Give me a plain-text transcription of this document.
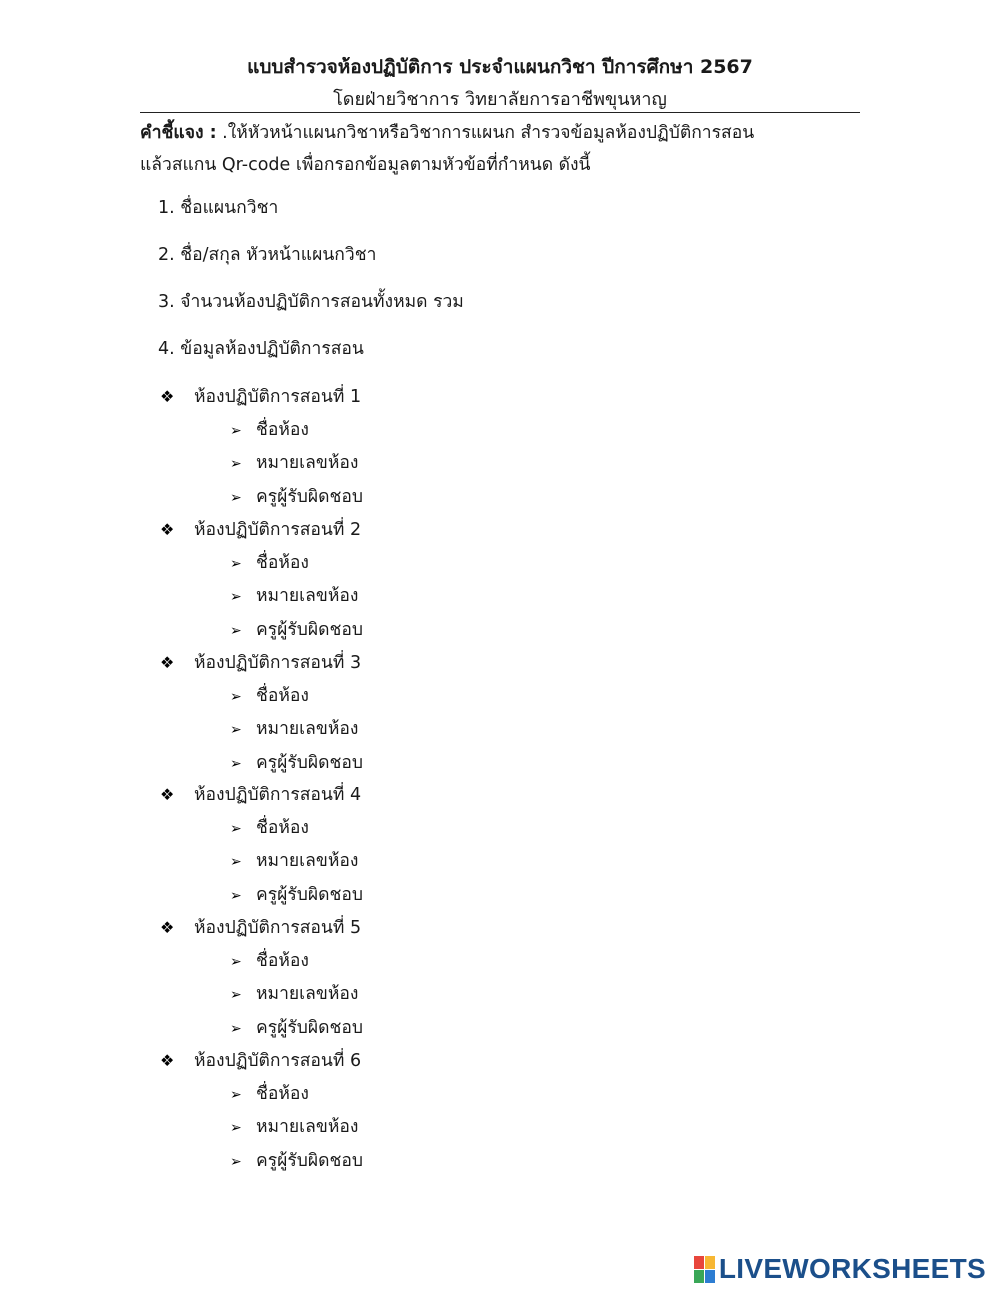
แบบสำรวจห้องปฏิบัติการ ประจำแผนกวิชา ปีการศึกษา 2567
โดยฝ่ายวิชาการ วิทยาลัยการอาชีพขุนหาญ
คำชี้แจง : .ให้หัวหน้าแผนกวิชาหรือวิชาการแผนก สำรวจข้อมูลห้องปฏิบัติการสอน
แล้วสแกน Qr-code เพื่อกรอกข้อมูลตามหัวข้อที่กำหนด ดังนี้
1. ชื่อแผนกวิชา
2. ชื่อ/สกุล หัวหน้าแผนกวิชา
3. จำนวนห้องปฏิบัติการสอนทั้งหมด รวม
4. ข้อมูลห้องปฏิบัติการสอน
❖ ห้องปฏิบัติการสอนที่ 1
➢ ชื่อห้อง
➢ หมายเลขห้อง
➢ ครูผู้รับผิดชอบ
❖ ห้องปฏิบัติการสอนที่ 2
➢ ชื่อห้อง
➢ หมายเลขห้อง
➢ ครูผู้รับผิดชอบ
❖ ห้องปฏิบัติการสอนที่ 3
➢ ชื่อห้อง
➢ หมายเลขห้อง
➢ ครูผู้รับผิดชอบ
❖ ห้องปฏิบัติการสอนที่ 4
➢ ชื่อห้อง
➢ หมายเลขห้อง
➢ ครูผู้รับผิดชอบ
❖ ห้องปฏิบัติการสอนที่ 5
➢ ชื่อห้อง
➢ หมายเลขห้อง
➢ ครูผู้รับผิดชอบ
❖ ห้องปฏิบัติการสอนที่ 6
➢ ชื่อห้อง
➢ หมายเลขห้อง
➢ ครูผู้รับผิดชอบ
LIVEWORKSHEETS
